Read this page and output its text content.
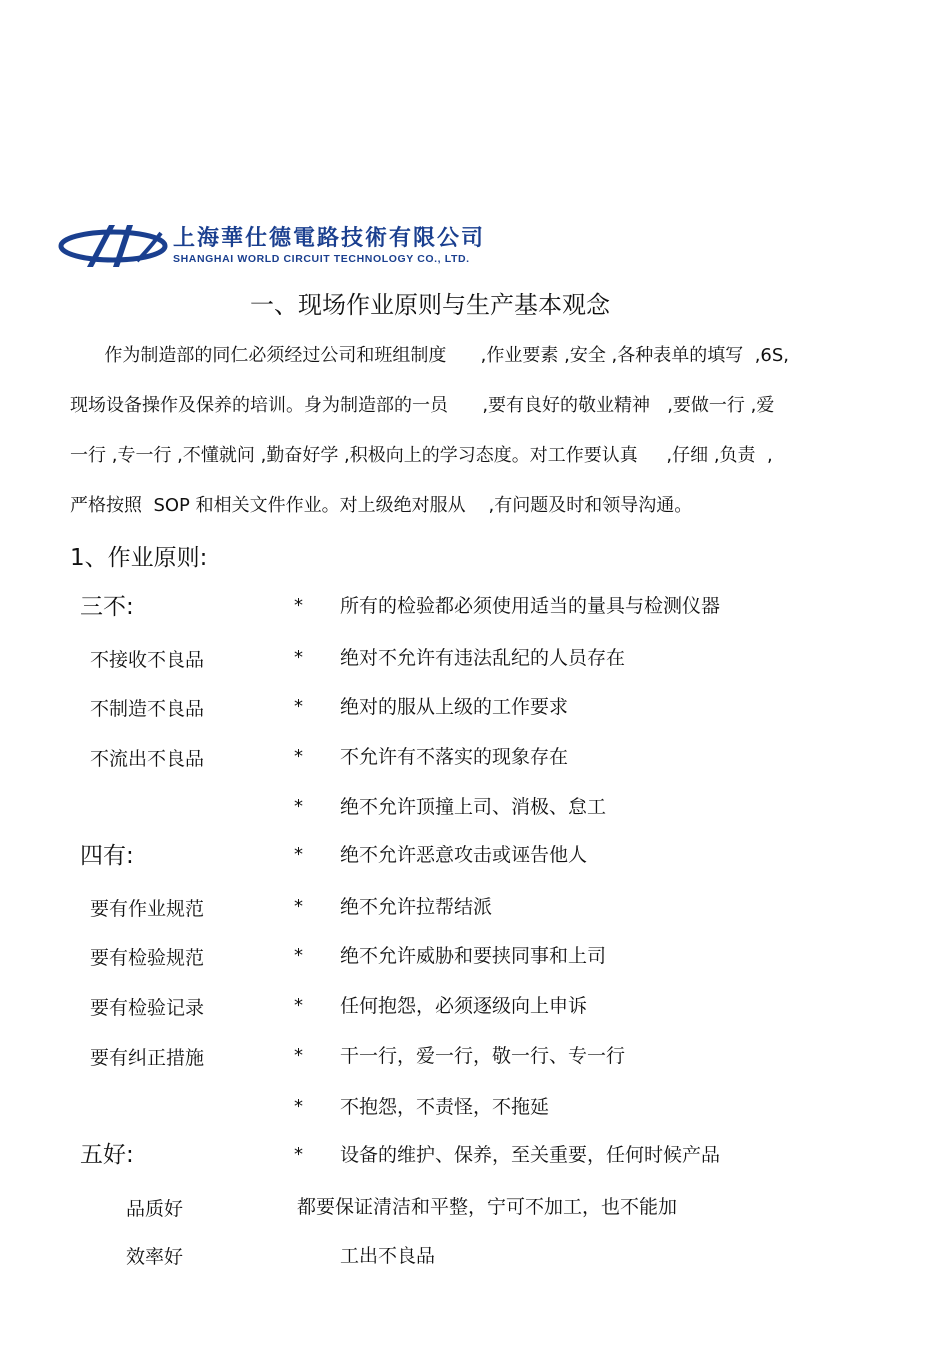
上海華仕德電路技術有限公司
SHANGHAI WORLD CIRCUIT TECHNOLOGY CO., LTD.
一、现场作业原则与生产基本观念
作为制造部的同仁必须经过公司和班组制度      ,作业要素 ,安全 ,各种表单的填写  ,6S,
现场设备操作及保养的培训。身为制造部的一员      ,要有良好的敬业精神   ,要做一行 ,爱
一行 ,专一行 ,不懂就问 ,勤奋好学 ,积极向上的学习态度。对工作要认真     ,仔细 ,负责  ,
严格按照  SOP 和相关文件作业。对上级绝对服从    ,有问题及时和领导沟通。
1、作业原则:
三不:
不接收不良品
不制造不良品
不流出不良品
四有:
要有作业规范
要有检验规范
要有检验记录
要有纠正措施
五好:
品质好
效率好
* 所有的检验都必须使用适当的量具与检测仪器
* 绝对不允许有违法乱纪的人员存在
* 绝对的服从上级的工作要求
* 不允许有不落实的现象存在
* 绝不允许顶撞上司、消极、怠工
* 绝不允许恶意攻击或诬告他人
* 绝不允许拉帮结派
* 绝不允许威胁和要挟同事和上司
* 任何抱怨，必须逐级向上申诉
* 干一行，爱一行，敬一行、专一行
* 不抱怨，不责怪，不拖延
* 设备的维护、保养，至关重要，任何时候产品
都要保证清洁和平整，宁可不加工，也不能加
工出不良品
